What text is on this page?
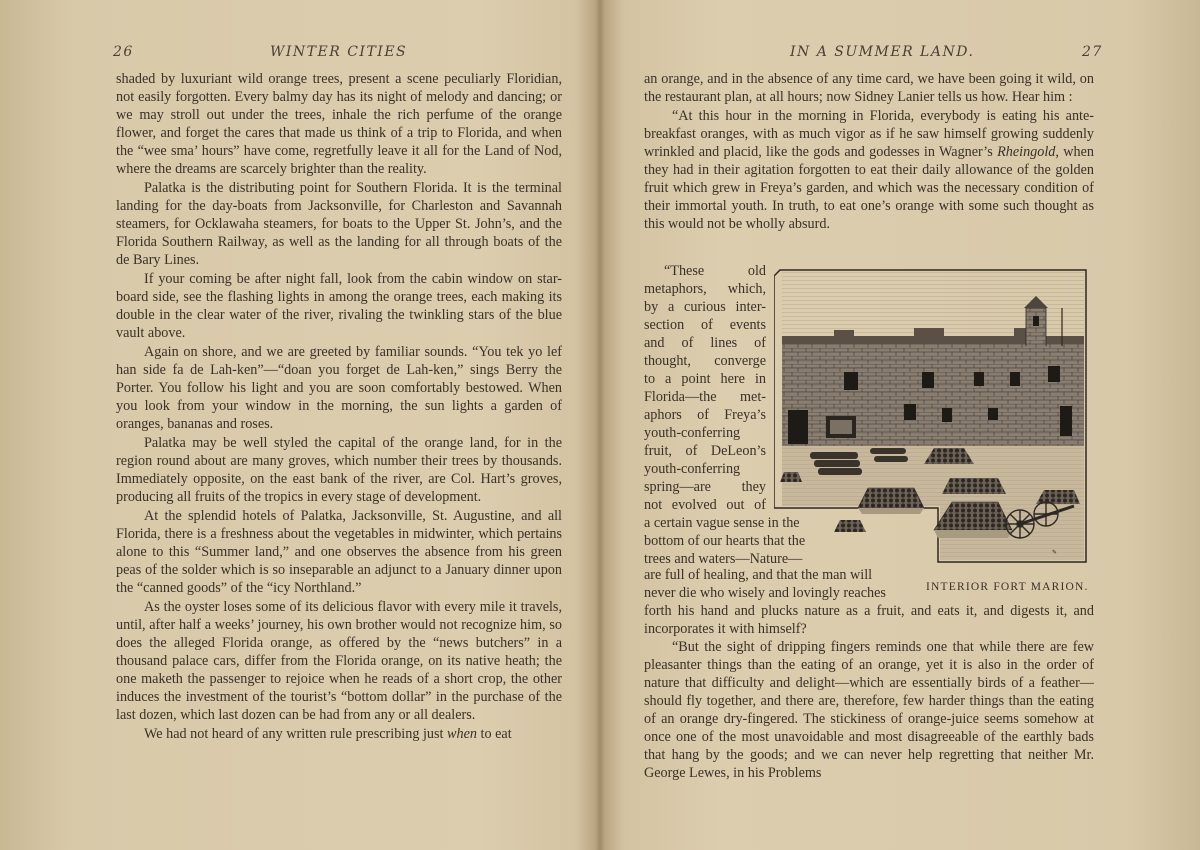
26	WINTER CITIES

shaded by luxuriant wild orange trees, present a scene peculiarly Floridian, not easily forgotten. Every balmy day has its night of melody and dancing; or we may stroll out under the trees, inhale the rich perfume of the orange flower, and forget the cares that made us think of a trip to Florida, and when the “wee sma’ hours” have come, regretfully leave it all for the Land of Nod, where the dreams are scarcely brighter than the reality.

Palatka is the distributing point for Southern Florida. It is the terminal landing for the day-boats from Jacksonville, for Charleston and Savannah steamers, for Ocklawaha steamers, for boats to the Upper St. John’s, and the Florida Southern Railway, as well as the landing for all through boats of the de Bary Lines.

If your coming be after night fall, look from the cabin window on star-board side, see the flashing lights in among the orange trees, each making its double in the clear water of the river, rivaling the twinkling stars of the blue vault above.

Again on shore, and we are greeted by familiar sounds. “You tek yo lef han side fa de Lah-ken”—“doan you forget de Lah-ken,” sings Berry the Porter. You follow his light and you are soon comfortably bestowed. When you look from your window in the morning, the sun lights a garden of oranges, bananas and roses.

Palatka may be well styled the capital of the orange land, for in the region round about are many groves, which number their trees by thousands. Immediately opposite, on the east bank of the river, are Col. Hart’s groves, producing all fruits of the tropics in every stage of development.

At the splendid hotels of Palatka, Jacksonville, St. Augustine, and all Florida, there is a freshness about the vegetables in midwinter, which pertains alone to this “Summer land,” and one observes the absence from his green peas of the solder which is so inseparable an adjunct to a January dinner upon the “canned goods” of the “icy Northland.”

As the oyster loses some of its delicious flavor with every mile it travels, until, after half a weeks’ journey, his own brother would not recognize him, so does the alleged Florida orange, as offered by the “news butchers” in a thousand palace cars, differ from the Florida orange, on its native heath; the one maketh the passenger to rejoice when he reads of a short crop, the other induces the investment of the tourist’s “bottom dollar” in the purchase of the last dozen, which last dozen can be had from any or all dealers.

We had not heard of any written rule prescribing just when to eat

IN A SUMMER LAND.	27

an orange, and in the absence of any time card, we have been going it wild, on the restaurant plan, at all hours; now Sidney Lanier tells us how. Hear him :

“At this hour in the morning in Florida, everybody is eating his ante-breakfast oranges, with as much vigor as if he saw himself growing suddenly wrinkled and placid, like the gods and godesses in Wagner’s Rheingold, when they had in their agitation forgotten to eat their daily allowance of the golden fruit which grew in Freya’s garden, and which was the necessary condition of their immortal youth. In truth, to eat one’s orange with some such thought as this would not be wholly absurd.

“These old
metaphors, which,
by a curious inter-
section of events
and of lines of
thought, converge
to a point here in
Florida—the met-
aphors of Freya’s
youth-conferring
fruit, of DeLeon’s
youth-conferring
spring—are they
not evolved out of
a certain vague sense in the
bottom of our hearts that the
trees and waters—Nature—

are full of healing, and that the man will

never die who wisely and lovingly reaches

forth his hand and plucks nature as a fruit, and eats it, and digests it, and incorporates it with himself?

“But the sight of dripping fingers reminds one that while there are few pleasanter things than the eating of an orange, yet it is also in the order of nature that difficulty and delight—which are essentially birds of a feather—should fly together, and there are, therefore, few harder things than the eating of an orange dry-fingered. The stickiness of orange-juice seems somehow at once one of the most unavoidable and most disagreeable of the earthly bads that hang by the goods; and we can never help regretting that neither Mr. George Lewes, in his Problems

✎
INTERIOR FORT MARION.
